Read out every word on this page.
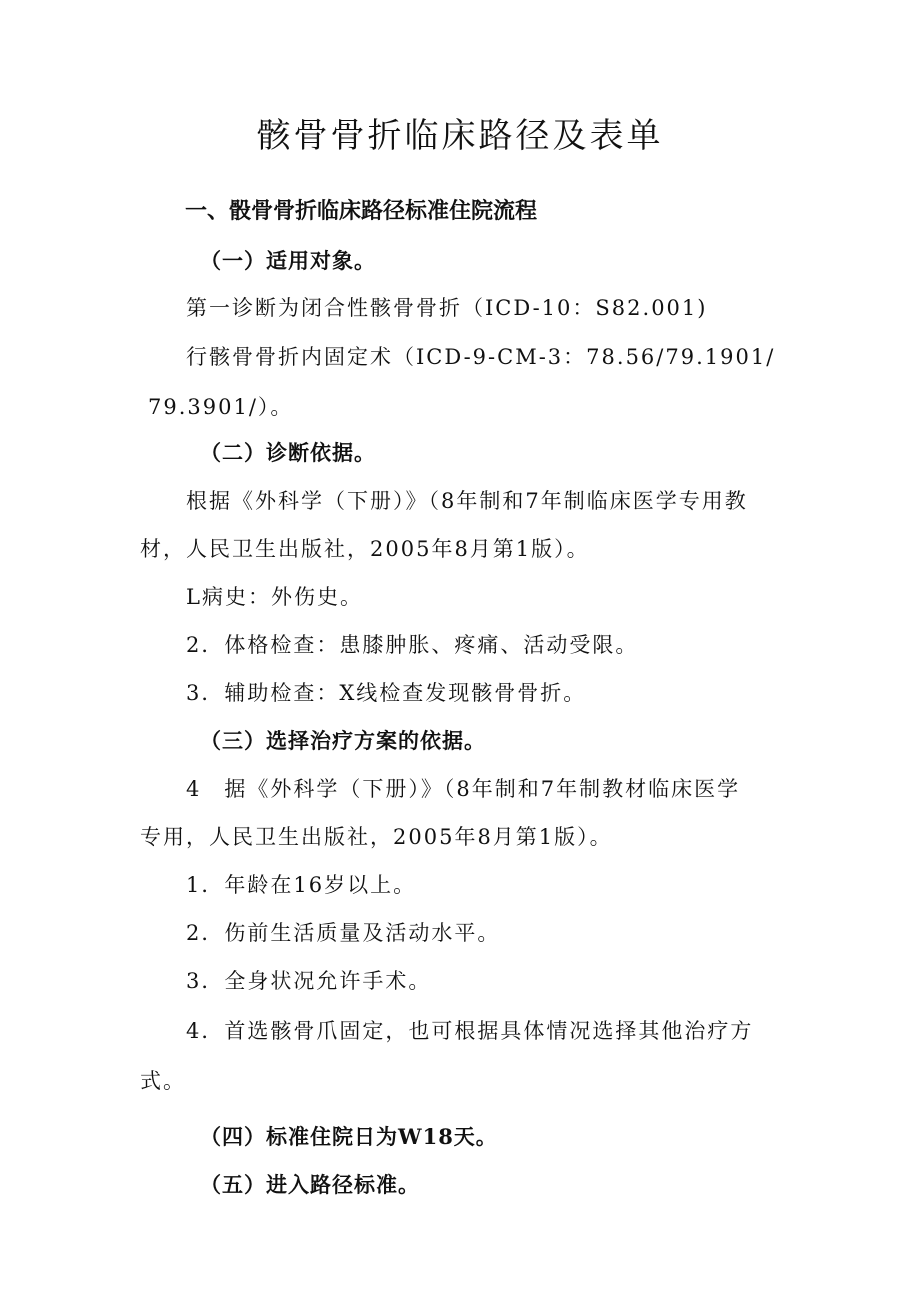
骸骨骨折临床路径及表单
一、骰骨骨折临床路径标准住院流程
（一）适用对象。
第一诊断为闭合性骸骨骨折（ICD-10：S82.001)
行骸骨骨折内固定术（ICD-9-CM-3：78.56/79.1901/
79.3901/）。
（二）诊断依据。
根据《外科学（下册）》（8年制和7年制临床医学专用教
材，人民卫生出版社，2005年8月第1版）。
L病史：外伤史。
2．体格检查：患膝肿胀、疼痛、活动受限。
3．辅助检查：X线检查发现骸骨骨折。
（三）选择治疗方案的依据。
4　据《外科学（下册）》（8年制和7年制教材临床医学
专用，人民卫生出版社，2005年8月第1版）。
1．年龄在16岁以上。
2．伤前生活质量及活动水平。
3．全身状况允许手术。
4．首选骸骨爪固定，也可根据具体情况选择其他治疗方
式。
（四）标准住院日为W18天。
（五）进入路径标准。
